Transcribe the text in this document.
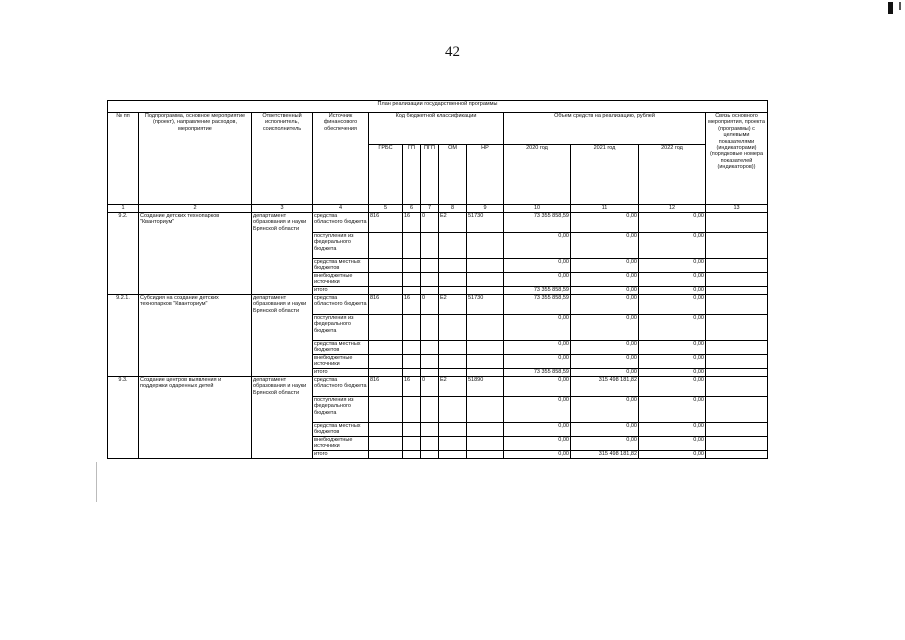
42
План реализации государственной программы												
№ пп	Подпрограмма, основное мероприятие (проект), направление расходов, мероприятие	Ответственный исполнитель, соисполнитель	Источник финансового обеспечения	Код бюджетной классификации					Объем средств на реализацию, рублей			Связь основного мероприятия, проекта (программы) с целевыми показателями (индикаторами) (порядковые номера показателей (индикаторов))
				ГРБС	ГП	ПГП	ОМ	НР	2020 год	2021 год	2022 год	
1	2	3	4	5	6	7	8	9	10	11	12	13
9.2.	Создание детских технопарков "Кванториум"	департамент образования и науки Брянской области	средства областного бюджета	816	16	0	Е2	51730	73 355 858,59	0,00	0,00	
			поступления из федерального бюджета						0,00	0,00	0,00	
			средства местных бюджетов						0,00	0,00	0,00	
			внебюджетные источники						0,00	0,00	0,00	
			итого						73 355 858,59	0,00	0,00	
9.2.1.	Субсидия на создание детских технопарков "Кванториум"	департамент образования и науки Брянской области	средства областного бюджета	816	16	0	Е2	51730	73 355 858,59	0,00	0,00	
			поступления из федерального бюджета						0,00	0,00	0,00	
			средства местных бюджетов						0,00	0,00	0,00	
			внебюджетные источники						0,00	0,00	0,00	
			итого						73 355 858,59	0,00	0,00	
9.3.	Создание центров выявления и поддержки одаренных детей	департамент образования и науки Брянской области	средства областного бюджета	816	16	0	Е2	51890	0,00	315 498 181,82	0,00	
			поступления из федерального бюджета						0,00	0,00	0,00	
			средства местных бюджетов						0,00	0,00	0,00	
			внебюджетные источники						0,00	0,00	0,00	
			итого						0,00	315 498 181,82	0,00	
